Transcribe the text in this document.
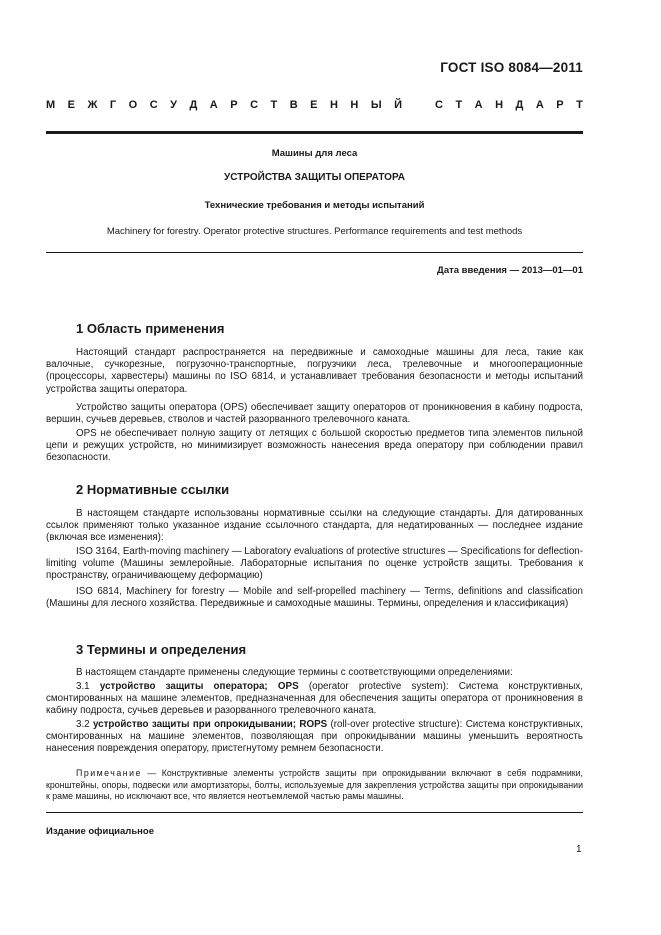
ГОСТ ISO 8084—2011
М Е Ж Г О С У Д А Р С Т В Е Н Н Ы Й	С Т А Н Д А Р Т
Машины для леса
УСТРОЙСТВА ЗАЩИТЫ ОПЕРАТОРА
Технические требования и методы испытаний
Machinery for forestry. Operator protective structures. Performance requirements and test methods
Дата введения — 2013—01—01
1 Область применения
Настоящий стандарт распространяется на передвижные и самоходные машины для леса, такие как валочные, сучкорезные, погрузочно-транспортные, погрузчики леса, трелевочные и многооперационные (процессоры, харвестеры) машины по ISO 6814, и устанавливает требования безопасности и методы испытаний устройства защиты оператора.
Устройство защиты оператора (OPS) обеспечивает защиту операторов от проникновения в кабину подроста, вершин, сучьев деревьев, стволов и частей разорванного трелевочного каната.
OPS не обеспечивает полную защиту от летящих с большой скоростью предметов типа элементов пильной цепи и режущих устройств, но минимизирует возможность нанесения вреда оператору при соблюдении правил безопасности.
2 Нормативные ссылки
В настоящем стандарте использованы нормативные ссылки на следующие стандарты. Для датированных ссылок применяют только указанное издание ссылочного стандарта, для недатированных — последнее издание (включая все изменения):
ISO 3164, Earth-moving machinery — Laboratory evaluations of protective structures — Specifications for deflection-limiting volume (Машины землеройные. Лабораторные испытания по оценке устройств защиты. Требования к пространству, ограничивающему деформацию)
ISO 6814, Machinery for forestry — Mobile and self-propelled machinery — Terms, definitions and classification (Машины для лесного хозяйства. Передвижные и самоходные машины. Термины, определения и классификация)
3 Термины и определения
В настоящем стандарте применены следующие термины с соответствующими определениями:
3.1 устройство защиты оператора; OPS (operator protective system): Система конструктивных, смонтированных на машине элементов, предназначенная для обеспечения защиты оператора от проникновения в кабину подроста, сучьев деревьев и разорванного трелевочного каната.
3.2 устройство защиты при опрокидывании; ROPS (roll-over protective structure): Система конструктивных, смонтированных на машине элементов, позволяющая при опрокидывании машины уменьшить вероятность нанесения повреждения оператору, пристегнутому ремнем безопасности.
Примечание — Конструктивные элементы устройств защиты при опрокидывании включают в себя подрамники, кронштейны, опоры, подвески или амортизаторы, болты, используемые для закрепления устройства защиты при опрокидывании к раме машины, но исключают все, что является неотъемлемой частью рамы машины.
Издание официальное
1
